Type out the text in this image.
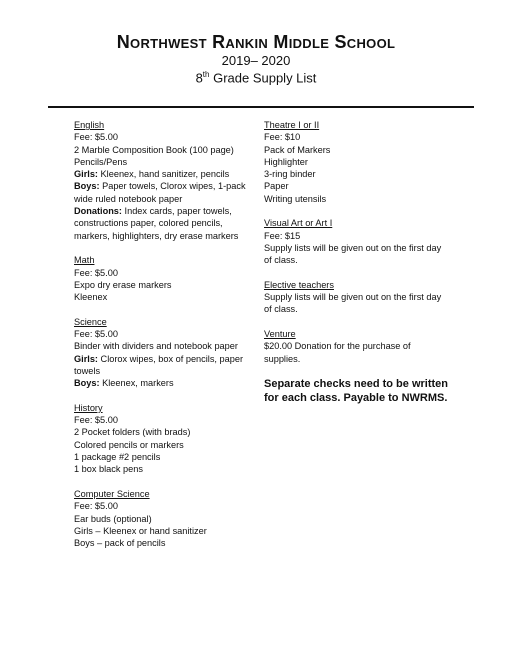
Northwest Rankin Middle School
2019– 2020
8th Grade Supply List
English
Fee: $5.00
2 Marble Composition Book (100 page)
Pencils/Pens
Girls: Kleenex, hand sanitizer, pencils
Boys: Paper towels, Clorox wipes, 1-pack wide ruled notebook paper
Donations: Index cards, paper towels, constructions paper, colored pencils, markers, highlighters, dry erase markers
Math
Fee: $5.00
Expo dry erase markers
Kleenex
Science
Fee: $5.00
Binder with dividers and notebook paper
Girls: Clorox wipes, box of pencils, paper towels
Boys: Kleenex, markers
History
Fee: $5.00
2 Pocket folders (with brads)
Colored pencils or markers
1 package #2 pencils
1 box black pens
Computer Science
Fee: $5.00
Ear buds (optional)
Girls – Kleenex or hand sanitizer
Boys – pack of pencils
Theatre I or II
Fee: $10
Pack of Markers
Highlighter
3-ring binder
Paper
Writing utensils
Visual Art or Art I
Fee: $15
Supply lists will be given out on the first day of class.
Elective teachers
Supply lists will be given out on the first day of class.
Venture
$20.00 Donation for the purchase of supplies.
Separate checks need to be written for each class. Payable to NWRMS.
